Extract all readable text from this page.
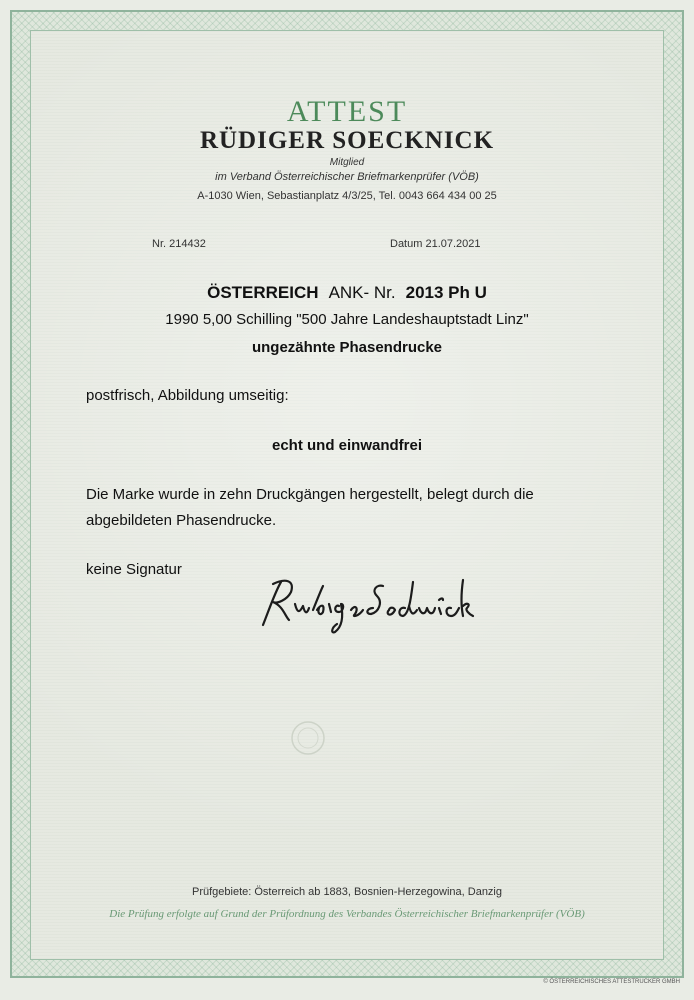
ATTEST
RÜDIGER SOECKNICK
Mitglied
im Verband Österreichischer Briefmarkenprüfer (VÖB)
A-1030 Wien, Sebastianplatz 4/3/25, Tel. 0043 664 434 00 25
Nr. 214432	Datum 21.07.2021
ÖSTERREICH ANK- Nr. 2013 Ph U
1990 5,00 Schilling "500 Jahre Landeshauptstadt Linz"
ungezähnte Phasendrucke
postfrisch, Abbildung umseitig:
echt und einwandfrei
Die Marke wurde in zehn Druckgängen hergestellt, belegt durch die
abgebildeten Phasendrucke.
keine Signatur
Prüfgebiete: Österreich ab 1883, Bosnien-Herzegowina, Danzig
Die Prüfung erfolgte auf Grund der Prüfordnung des Verbandes Österreichischer Briefmarkenprüfer (VÖB)
© ÖSTERREICHISCHES ATTESTRUCKER GMBH
